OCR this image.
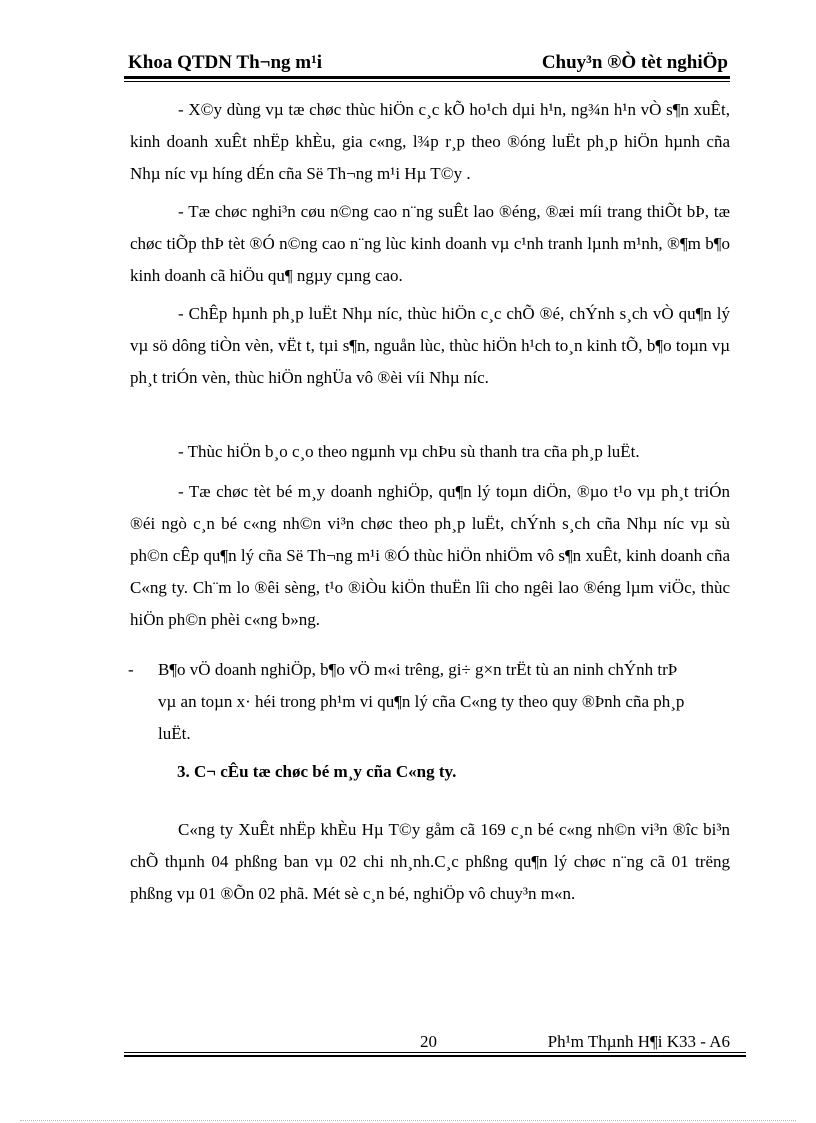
Khoa QTDN Th¬ng m¹i	Chuy³n ®Ò tèt nghiÖp

- X©y dùng vµ tæ chøc thùc hiÖn c¸c kÕ ho¹ch dµi h¹n, ng¾n h¹n vÒ s¶n xuÊt, kinh doanh xuÊt nhËp khÈu, gia c«ng, l¾p r¸p theo ®óng luËt ph¸p hiÖn hµnh cña Nhµ níc vµ híng dÉn cña Së Th¬ng m¹i Hµ T©y .

- Tæ chøc nghi³n cøu n©ng cao n¨ng suÊt lao ®éng, ®æi míi trang thiÕt bÞ, tæ chøc tiÕp thÞ tèt ®Ó n©ng cao n¨ng lùc kinh doanh vµ c¹nh tranh lµnh m¹nh, ®¶m b¶o kinh doanh cã hiÖu qu¶ ngµy cµng cao.

- ChÊp hµnh ph¸p luËt Nhµ níc, thùc hiÖn c¸c chÕ ®é, chÝnh s¸ch vÒ qu¶n lý vµ sö dông tiÒn vèn, vËt t, tµi s¶n, nguån lùc, thùc hiÖn h¹ch to¸n kinh tÕ, b¶o toµn vµ ph¸t triÓn vèn, thùc hiÖn nghÜa vô ®èi víi Nhµ níc.

- Thùc hiÖn b¸o c¸o theo ngµnh vµ chÞu sù thanh tra cña ph¸p luËt.

- Tæ chøc tèt bé m¸y doanh nghiÖp, qu¶n lý toµn diÖn, ®µo t¹o vµ ph¸t triÓn ®éi ngò c¸n bé c«ng nh©n vi³n chøc theo ph¸p luËt, chÝnh s¸ch cña Nhµ níc vµ sù ph©n cÊp qu¶n lý cña Së Th¬ng m¹i ®Ó thùc hiÖn nhiÖm vô s¶n xuÊt, kinh doanh cña C«ng ty. Ch¨m lo ®êi sèng, t¹o ®iÒu kiÖn thuËn lîi cho ngêi lao ®éng lµm viÖc, thùc hiÖn ph©n phèi c«ng b»ng.

- B¶o vÖ doanh nghiÖp, b¶o vÖ m«i trêng, gi÷ g×n trËt tù an ninh chÝnh trÞ vµ an toµn x· héi trong ph¹m vi qu¶n lý cña C«ng ty theo quy ®Þnh cña ph¸p luËt.

3. C¬ cÊu tæ chøc bé m¸y cña C«ng ty.

C«ng ty XuÊt nhËp khÈu Hµ T©y gåm cã 169 c¸n bé c«ng nh©n vi³n ®îc bi³n chÕ thµnh 04 phßng ban vµ 02 chi nh¸nh.C¸c phßng qu¶n lý chøc n¨ng cã 01 trëng phßng vµ 01 ®Õn 02 phã. Mét sè c¸n bé, nghiÖp vô chuy³n m«n.

20	Ph¹m Thµnh H¶i K33 - A6
